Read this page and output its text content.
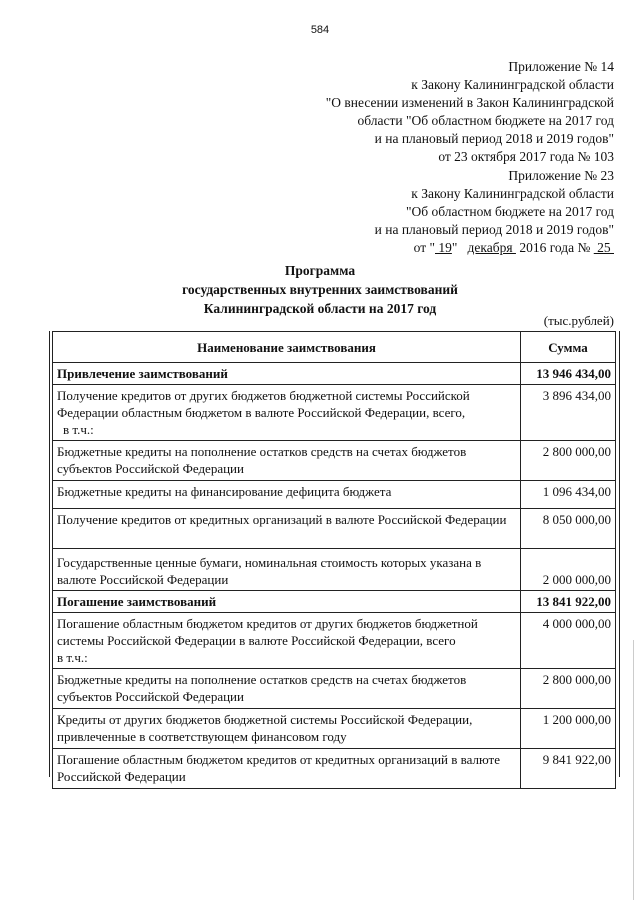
584
Приложение № 14
к Закону Калининградской области
"О внесении изменений в Закон Калининградской
области "Об областном бюджете на 2017 год
и на плановый период 2018 и 2019 годов"
от 23 октября 2017 года № 103
Приложение № 23
к Закону Калининградской области
"Об областном бюджете на 2017 год
и на плановый период 2018 и 2019 годов"
от " 19"   декабря  2016 года №  25
Программа
государственных внутренних заимствований
Калининградской области на 2017 год
(тыс.рублей)
Наименование заимствования	Сумма
Привлечение заимствований	13 946 434,00

Получение кредитов от других бюджетов бюджетной системы Российской Федерации областным бюджетом в валюте Российской Федерации, всего,
в т.ч.:	3 896 434,00
Бюджетные кредиты на пополнение остатков средств на счетах бюджетов субъектов Российской Федерации	2 800 000,00
Бюджетные кредиты на финансирование дефицита бюджета	1 096 434,00
Получение кредитов от кредитных организаций в валюте Российской Федерации	8 050 000,00
Государственные ценные бумаги, номинальная стоимость которых указана в валюте Российской Федерации	2 000 000,00
Погашение заимствований	13 841 922,00

Погашение областным бюджетом кредитов от других бюджетов бюджетной системы Российской Федерации в валюте Российской Федерации, всего
в т.ч.:	4 000 000,00
Бюджетные кредиты на пополнение остатков средств на счетах бюджетов субъектов Российской Федерации	2 800 000,00
Кредиты от других бюджетов бюджетной системы Российской Федерации, привлеченные в соответствующем финансовом году	1 200 000,00
Погашение областным бюджетом кредитов от кредитных организаций в валюте Российской Федерации	9 841 922,00
